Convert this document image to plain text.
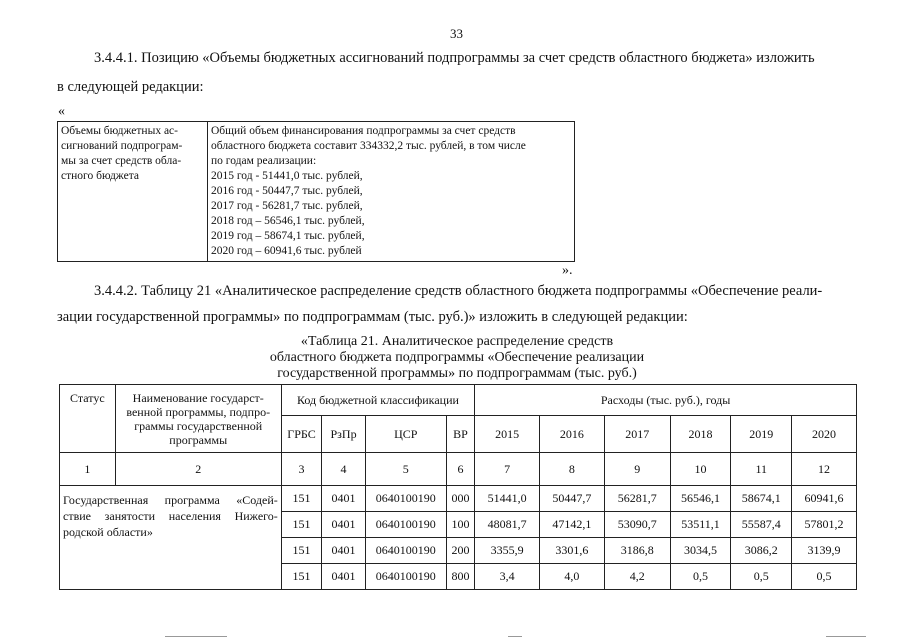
33
3.4.4.1. Позицию «Объемы бюджетных ассигнований подпрограммы за счет средств областного бюджета» изложить
в следующей редакции:
«
Объемы бюджетных ас-
сигнований подпрограм-
мы за счет средств обла-
стного бюджета

Общий объем финансирования подпрограммы за счет средств
областного бюджета составит 334332,2 тыс. рублей, в том числе
по годам реализации:
2015 год - 51441,0 тыс. рублей,
2016 год - 50447,7 тыс. рублей,
2017 год - 56281,7 тыс. рублей,
2018 год – 56546,1 тыс. рублей,
2019 год – 58674,1 тыс. рублей,
2020 год – 60941,6 тыс. рублей
».
3.4.4.2. Таблицу 21 «Аналитическое распределение средств областного бюджета подпрограммы «Обеспечение реали-
зации государственной программы» по подпрограммам (тыс. руб.)» изложить в следующей редакции:
«Таблица 21. Аналитическое распределение средств
областного бюджета подпрограммы «Обеспечение реализации
государственной программы» по подпрограммам (тыс. руб.)
Статус	Наименование государст-венной программы, подпро-граммы государственной программы	Код бюджетной классификации				Расходы (тыс. руб.), годы					
		ГРБС	РзПр	ЦСР	ВР	2015	2016	2017	2018	2019	2020
1	2	3	4	5	6	7	8	9	10	11	12
Государственная программа «Содей-ствие занятости населения Нижего-родской области»		151	0401	0640100190	000	51441,0	50447,7	56281,7	56546,1	58674,1	60941,6
		151	0401	0640100190	100	48081,7	47142,1	53090,7	53511,1	55587,4	57801,2
		151	0401	0640100190	200	3355,9	3301,6	3186,8	3034,5	3086,2	3139,9
		151	0401	0640100190	800	3,4	4,0	4,2	0,5	0,5	0,5
